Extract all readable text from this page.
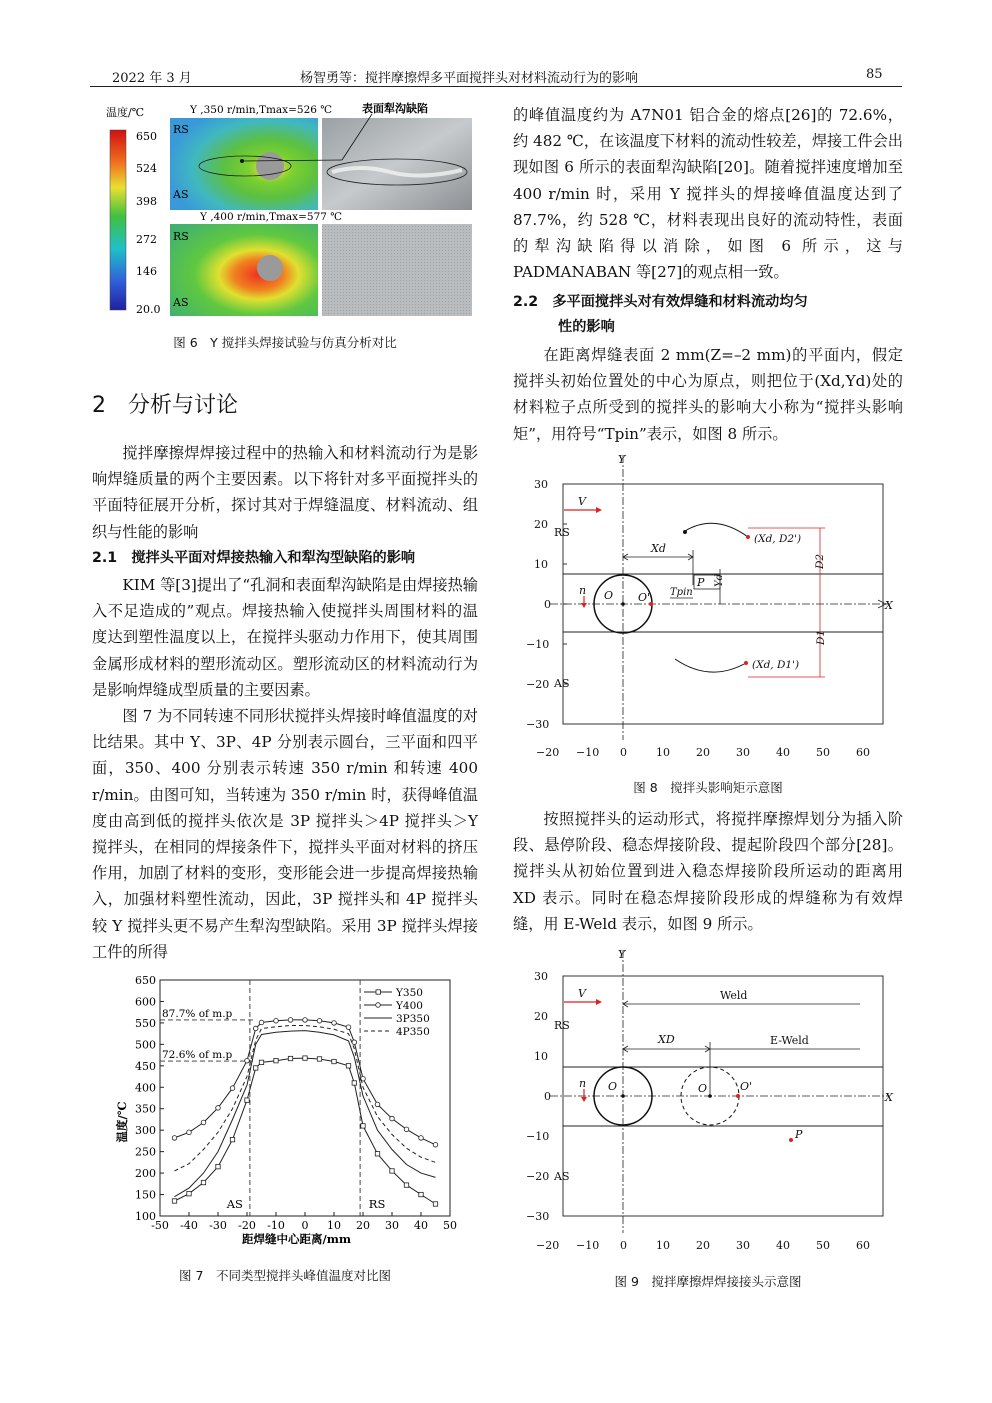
2022 年 3 月	杨智勇等：搅拌摩擦焊多平面搅拌头对材料流动行为的影响	85
温度/℃
650
524
398
272
146
20.0
Y ,350 r/min,Tmax=526 ℃
RS
AS
表面犁沟缺陷
Y ,400 r/min,Tmax=577 ℃
RS
AS
图 6　Y 搅拌头焊接试验与仿真分析对比
2　分析与讨论

搅拌摩擦焊焊接过程中的热输入和材料流动行为是影响焊缝质量的两个主要因素。以下将针对多平面搅拌头的平面特征展开分析，探讨其对于焊缝温度、材料流动、组织与性能的影响

2.1　搅拌头平面对焊接热输入和犁沟型缺陷的影响

KIM 等[3]提出了“孔洞和表面犁沟缺陷是由焊接热输入不足造成的”观点。焊接热输入使搅拌头周围材料的温度达到塑性温度以上，在搅拌头驱动力作用下，使其周围金属形成材料的塑形流动区。塑形流动区的材料流动行为是影响焊缝成型质量的主要因素。

图 7 为不同转速不同形状搅拌头焊接时峰值温度的对比结果。其中 Y、3P、4P 分别表示圆台，三平面和四平面，350、400 分别表示转速 350 r/min 和转速 400 r/min。由图可知，当转速为 350 r/min 时，获得峰值温度由高到低的搅拌头依次是 3P 搅拌头＞4P 搅拌头＞Y 搅拌头，在相同的焊接条件下，搅拌头平面对材料的挤压作用，加剧了材料的变形，变形能会进一步提高焊接热输入，加强材料塑性流动，因此，3P 搅拌头和 4P 搅拌头较 Y 搅拌头更不易产生犁沟型缺陷。采用 3P 搅拌头焊接工件的所得

距焊缝中心距离/mm
温度/℃
100
150
200
250
300
350
400
450
500
550
600
650
-50 -40 -30 -20 -10 0 10 20 30 40 50
AS	RS
87.7% of m.p
72.6% of m.p
Y350
Y400
3P350
4P350
图 7　不同类型搅拌头峰值温度对比图

的峰值温度约为 A7N01 铝合金的熔点[26]的 72.6%，约 482 ℃，在该温度下材料的流动性较差，焊接工件会出现如图 6 所示的表面犁沟缺陷[20]。随着搅拌速度增加至 400 r/min 时，采用 Y 搅拌头的焊接峰值温度达到了 87.7%，约 528 ℃，材料表现出良好的流动特性，表面的犁沟缺陷得以消除，如图 6 所示，这与 PADMANABAN 等[27]的观点相一致。

2.2　多平面搅拌头对有效焊缝和材料流动均匀
性的影响

在距离焊缝表面 2 mm(Z=–2 mm)的平面内，假定搅拌头初始位置处的中心为原点，则把位于(Xd,Yd)处的材料粒子点所受到的搅拌头的影响大小称为“搅拌头影响矩”，用符号“Tpin”表示，如图 8 所示。

30
20
10
0
−10
−20
−30
−20 −10 0	10 20 30 40 50 60
Y
X
O O'
n
V
RS
AS
Xd
P Yd
Tpin
(Xd, D2')
(Xd, D1')
D2
D1
图 8　搅拌头影响矩示意图

按照搅拌头的运动形式，将搅拌摩擦焊划分为插入阶段、悬停阶段、稳态焊接阶段、提起阶段四个部分[28]。搅拌头从初始位置到进入稳态焊接阶段所运动的距离用 XD 表示。同时在稳态焊接阶段形成的焊缝称为有效焊缝，用 E-Weld 表示，如图 9 所示。

30
20
10
0
−10
−20
−30
−20 −10 0	10 20 30 40 50 60
Y
X
Weld
E-Weld
XD
O	O	O'
n
V
RS
AS
P
图 9　搅拌摩擦焊焊接接头示意图
